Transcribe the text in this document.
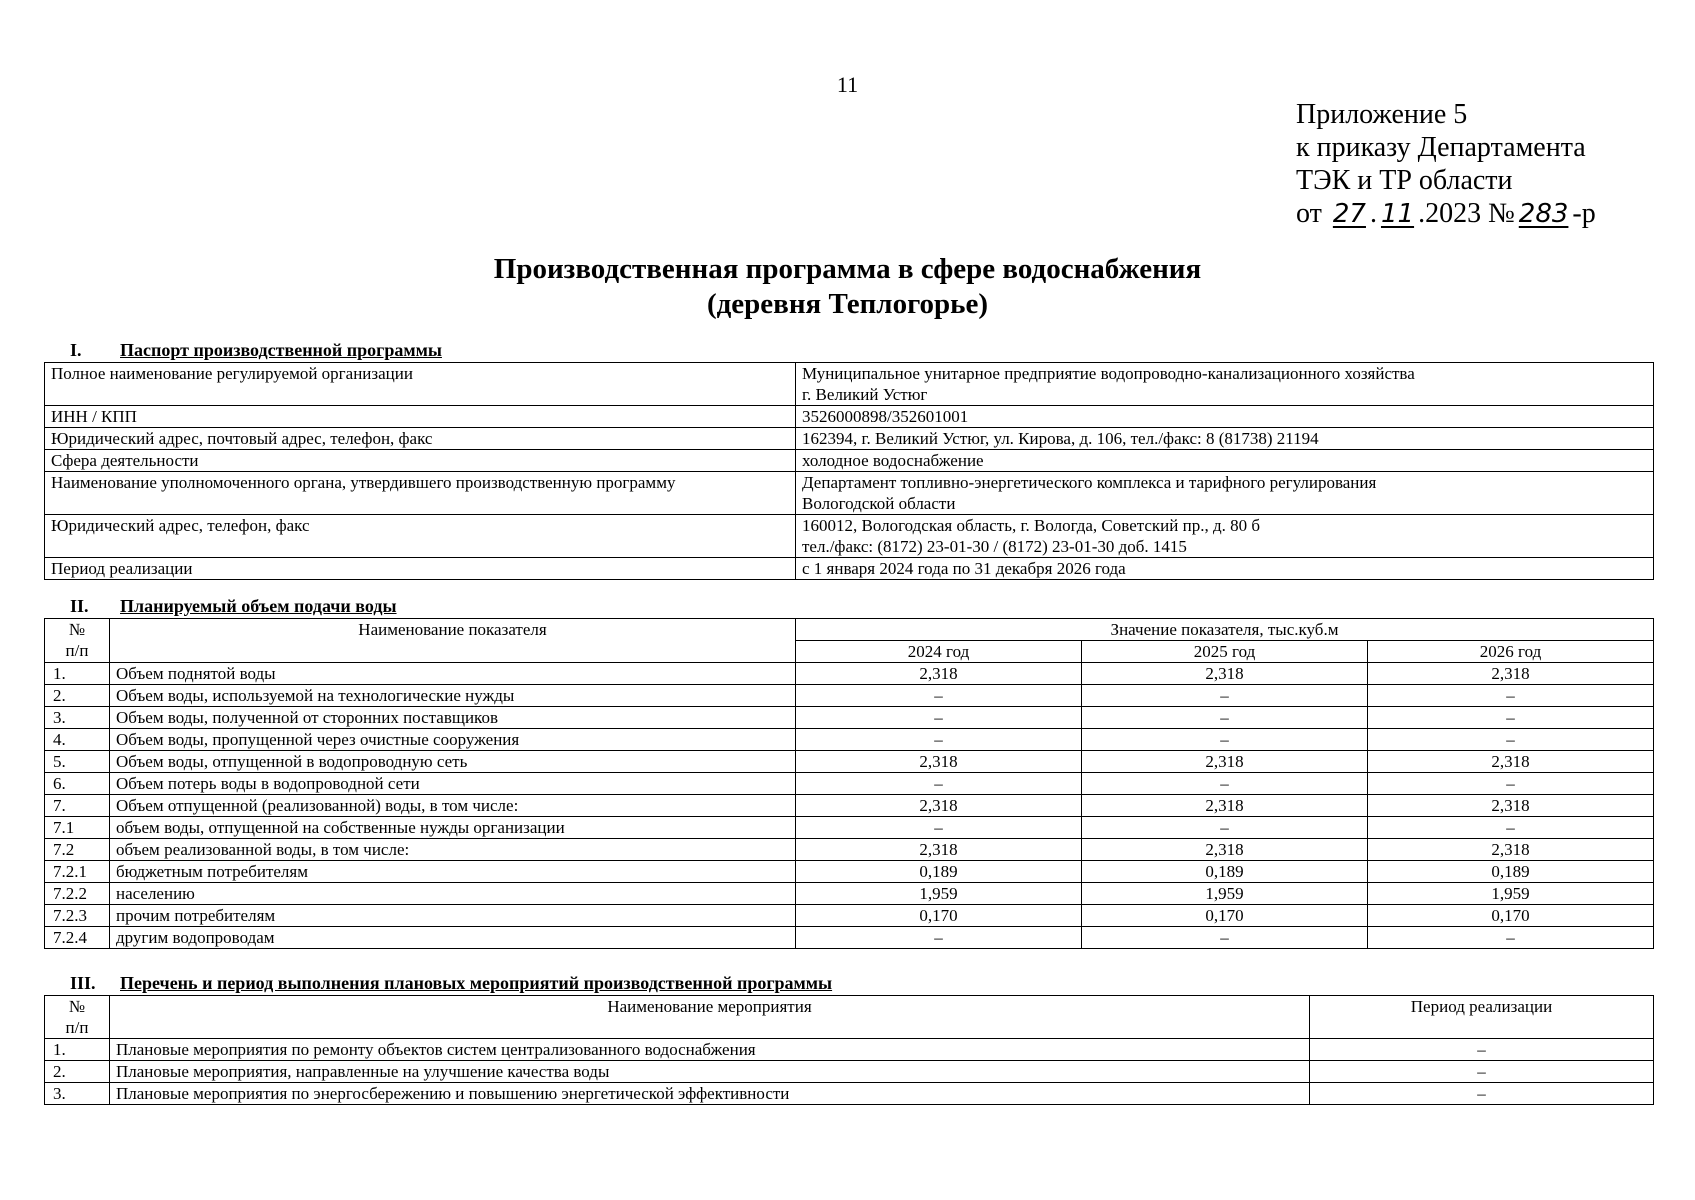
11
Приложение 5
к приказу Департамента
ТЭК и ТР области
от 27 . 11 .2023 № 283 -р
Производственная программа в сфере водоснабжения
(деревня Теплогорье)
I. Паспорт производственной программы
Полное наименование регулируемой организации	Муниципальное унитарное предприятие водопроводно-канализационного хозяйства
г. Великий Устюг

ИНН / КПП	3526000898/352601001
Юридический адрес, почтовый адрес, телефон, факс	162394, г. Великий Устюг, ул. Кирова, д. 106, тел./факс: 8 (81738) 21194
Сфера деятельности	холодное водоснабжение
Наименование уполномоченного органа, утвердившего производственную программу	Департамент топливно-энергетического комплекса и тарифного регулирования
Вологодской области

Юридический адрес, телефон, факс	160012, Вологодская область, г. Вологда, Советский пр., д. 80 б
тел./факс: (8172) 23-01-30 / (8172) 23-01-30 доб. 1415

Период реализации	с 1 января 2024 года по 31 декабря 2026 года
II. Планируемый объем подачи воды
№
п/п	Наименование показателя	Значение показателя, тыс.куб.м		
		2024 год	2025 год	2026 год
1.	Объем поднятой воды	2,318	2,318	2,318
2.	Объем воды, используемой на технологические нужды	–	–	–
3.	Объем воды, полученной от сторонних поставщиков	–	–	–
4.	Объем воды, пропущенной через очистные сооружения	–	–	–
5.	Объем воды, отпущенной в водопроводную сеть	2,318	2,318	2,318
6.	Объем потерь воды в водопроводной сети	–	–	–
7.	Объем отпущенной (реализованной) воды, в том числе:	2,318	2,318	2,318
7.1	объем воды, отпущенной на собственные нужды организации	–	–	–
7.2	объем реализованной воды, в том числе:	2,318	2,318	2,318
7.2.1	бюджетным потребителям	0,189	0,189	0,189
7.2.2	населению	1,959	1,959	1,959
7.2.3	прочим потребителям	0,170	0,170	0,170
7.2.4	другим водопроводам	–	–	–
III. Перечень и период выполнения плановых мероприятий производственной программы
№
п/п	Наименование мероприятия	Период реализации
1.	Плановые мероприятия по ремонту объектов систем централизованного водоснабжения	–
2.	Плановые мероприятия, направленные на улучшение качества воды	–
3.	Плановые мероприятия по энергосбережению и повышению энергетической эффективности	–
